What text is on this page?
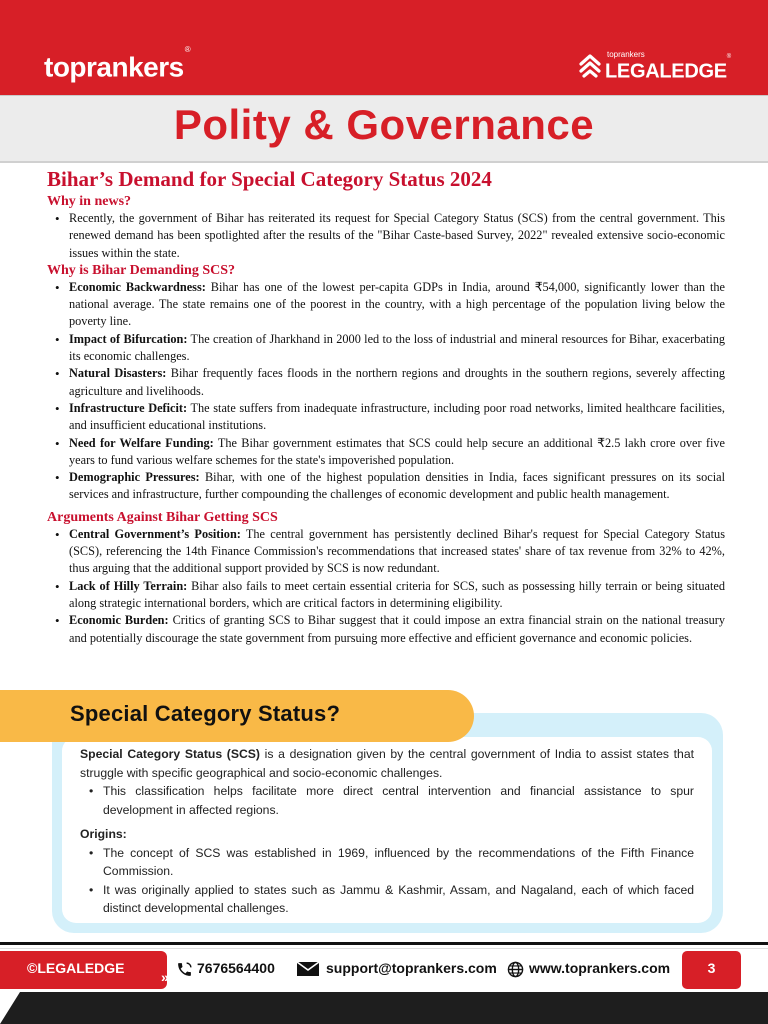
toprankers®
toprankers
LEGALEDGE®
Polity & Governance
Bihar’s Demand for Special Category Status 2024
Why in news?
• Recently, the government of Bihar has reiterated its request for Special Category Status (SCS) from the central government. This renewed demand has been spotlighted after the results of the "Bihar Caste-based Survey, 2022" revealed extensive socio-economic issues within the state.
Why is Bihar Demanding SCS?
• Economic Backwardness: Bihar has one of the lowest per-capita GDPs in India, around ₹54,000, significantly lower than the national average. The state remains one of the poorest in the country, with a high percentage of the population living below the poverty line.
• Impact of Bifurcation: The creation of Jharkhand in 2000 led to the loss of industrial and mineral resources for Bihar, exacerbating its economic challenges.
• Natural Disasters: Bihar frequently faces floods in the northern regions and droughts in the southern regions, severely affecting agriculture and livelihoods.
• Infrastructure Deficit: The state suffers from inadequate infrastructure, including poor road networks, limited healthcare facilities, and insufficient educational institutions.
• Need for Welfare Funding: The Bihar government estimates that SCS could help secure an additional ₹2.5 lakh crore over five years to fund various welfare schemes for the state's impoverished population.
• Demographic Pressures: Bihar, with one of the highest population densities in India, faces significant pressures on its social services and infrastructure, further compounding the challenges of economic development and public health management.
Arguments Against Bihar Getting SCS
• Central Government’s Position: The central government has persistently declined Bihar's request for Special Category Status (SCS), referencing the 14th Finance Commission's recommendations that increased states' share of tax revenue from 32% to 42%, thus arguing that the additional support provided by SCS is now redundant.
• Lack of Hilly Terrain: Bihar also fails to meet certain essential criteria for SCS, such as possessing hilly terrain or being situated along strategic international borders, which are critical factors in determining eligibility.
• Economic Burden: Critics of granting SCS to Bihar suggest that it could impose an extra financial strain on the national treasury and potentially discourage the state government from pursuing more effective and efficient governance and economic policies.
Special Category Status?

Special Category Status (SCS) is a designation given by the central government of India to assist states that struggle with specific geographical and socio-economic challenges.

• This classification helps facilitate more direct central intervention and financial assistance to spur development in affected regions.
Origins:
• The concept of SCS was established in 1969, influenced by the recommendations of the Fifth Finance Commission.
• It was originally applied to states such as Jammu & Kashmir, Assam, and Nagaland, each of which faced distinct developmental challenges.
©LEGALEDGE
»
7676564400	support@toprankers.com www.toprankers.com	3
